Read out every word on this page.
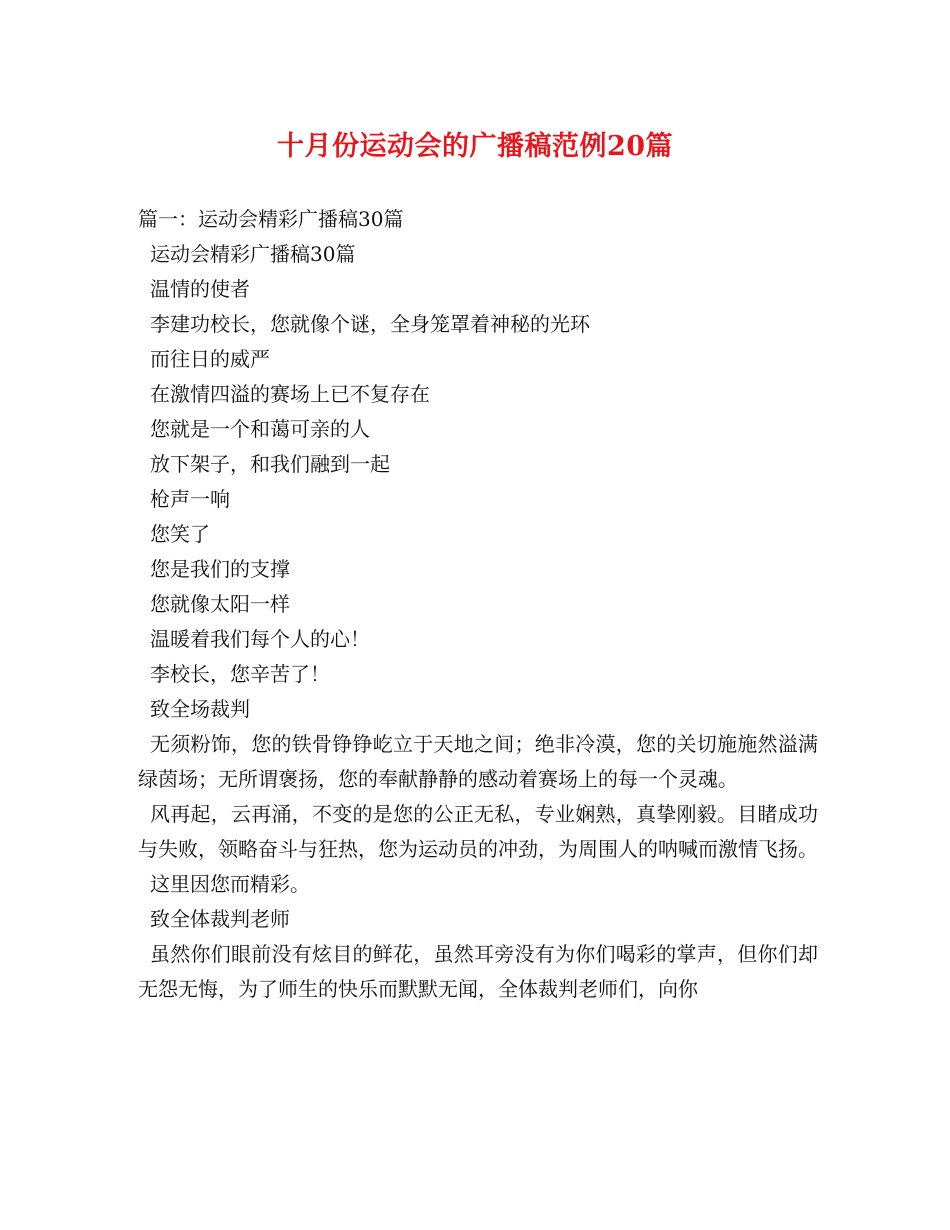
十月份运动会的广播稿范例20篇
篇一：运动会精彩广播稿30篇
运动会精彩广播稿30篇
温情的使者
李建功校长，您就像个谜，全身笼罩着神秘的光环
而往日的威严
在激情四溢的赛场上已不复存在
您就是一个和蔼可亲的人
放下架子，和我们融到一起
枪声一响
您笑了
您是我们的支撑
您就像太阳一样
温暖着我们每个人的心！
李校长，您辛苦了！
致全场裁判
无须粉饰，您的铁骨铮铮屹立于天地之间；绝非冷漠，您的关切施施然溢满绿茵场；无所谓褒扬，您的奉献静静的感动着赛场上的每一个灵魂。
风再起，云再涌，不变的是您的公正无私，专业娴熟，真挚刚毅。目睹成功与失败，领略奋斗与狂热，您为运动员的冲劲，为周围人的呐喊而激情飞扬。
这里因您而精彩。
致全体裁判老师
虽然你们眼前没有炫目的鲜花，虽然耳旁没有为你们喝彩的掌声，但你们却无怨无悔，为了师生的快乐而默默无闻，全体裁判老师们，向你
